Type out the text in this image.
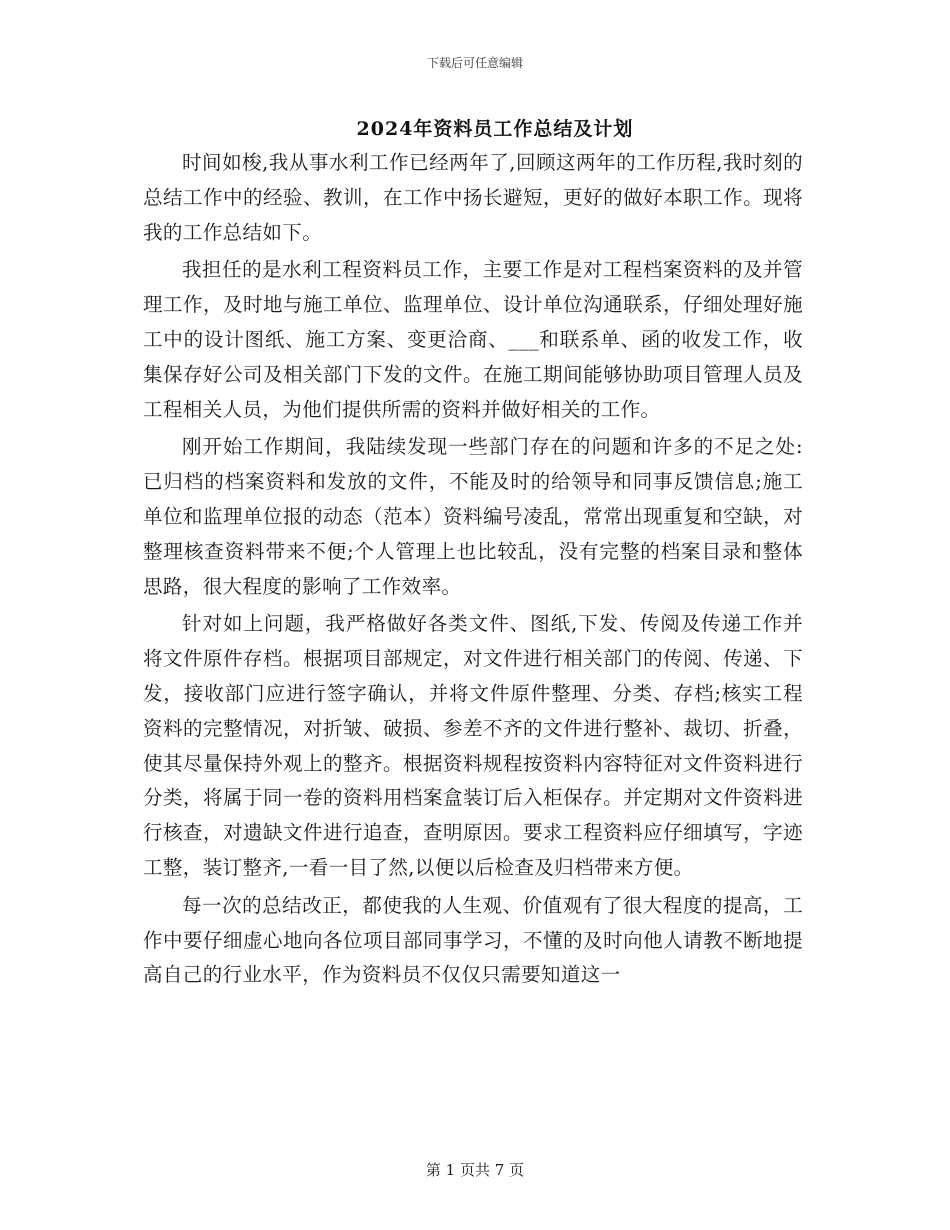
下载后可任意编辑
2024年资料员工作总结及计划

时间如梭,我从事水利工作已经两年了,回顾这两年的工作历程,我时刻的总结工作中的经验、教训，在工作中扬长避短，更好的做好本职工作。现将我的工作总结如下。

我担任的是水利工程资料员工作，主要工作是对工程档案资料的及并管理工作，及时地与施工单位、监理单位、设计单位沟通联系，仔细处理好施工中的设计图纸、施工方案、变更洽商、___和联系单、函的收发工作，收集保存好公司及相关部门下发的文件。在施工期间能够协助项目管理人员及工程相关人员，为他们提供所需的资料并做好相关的工作。

刚开始工作期间，我陆续发现一些部门存在的问题和许多的不足之处:已归档的档案资料和发放的文件，不能及时的给领导和同事反馈信息;施工单位和监理单位报的动态（范本）资料编号凌乱，常常出现重复和空缺，对整理核查资料带来不便;个人管理上也比较乱，没有完整的档案目录和整体思路，很大程度的影响了工作效率。

针对如上问题，我严格做好各类文件、图纸,下发、传阅及传递工作并将文件原件存档。根据项目部规定，对文件进行相关部门的传阅、传递、下发，接收部门应进行签字确认，并将文件原件整理、分类、存档;核实工程资料的完整情况，对折皱、破损、参差不齐的文件进行整补、裁切、折叠，使其尽量保持外观上的整齐。根据资料规程按资料内容特征对文件资料进行分类，将属于同一卷的资料用档案盒装订后入柜保存。并定期对文件资料进行核查，对遗缺文件进行追查，查明原因。要求工程资料应仔细填写，字迹工整，装订整齐,一看一目了然,以便以后检查及归档带来方便。

每一次的总结改正，都使我的人生观、价值观有了很大程度的提高，工作中要仔细虚心地向各位项目部同事学习，不懂的及时向他人请教不断地提高自己的行业水平，作为资料员不仅仅只需要知道这一

第 1 页共 7 页
